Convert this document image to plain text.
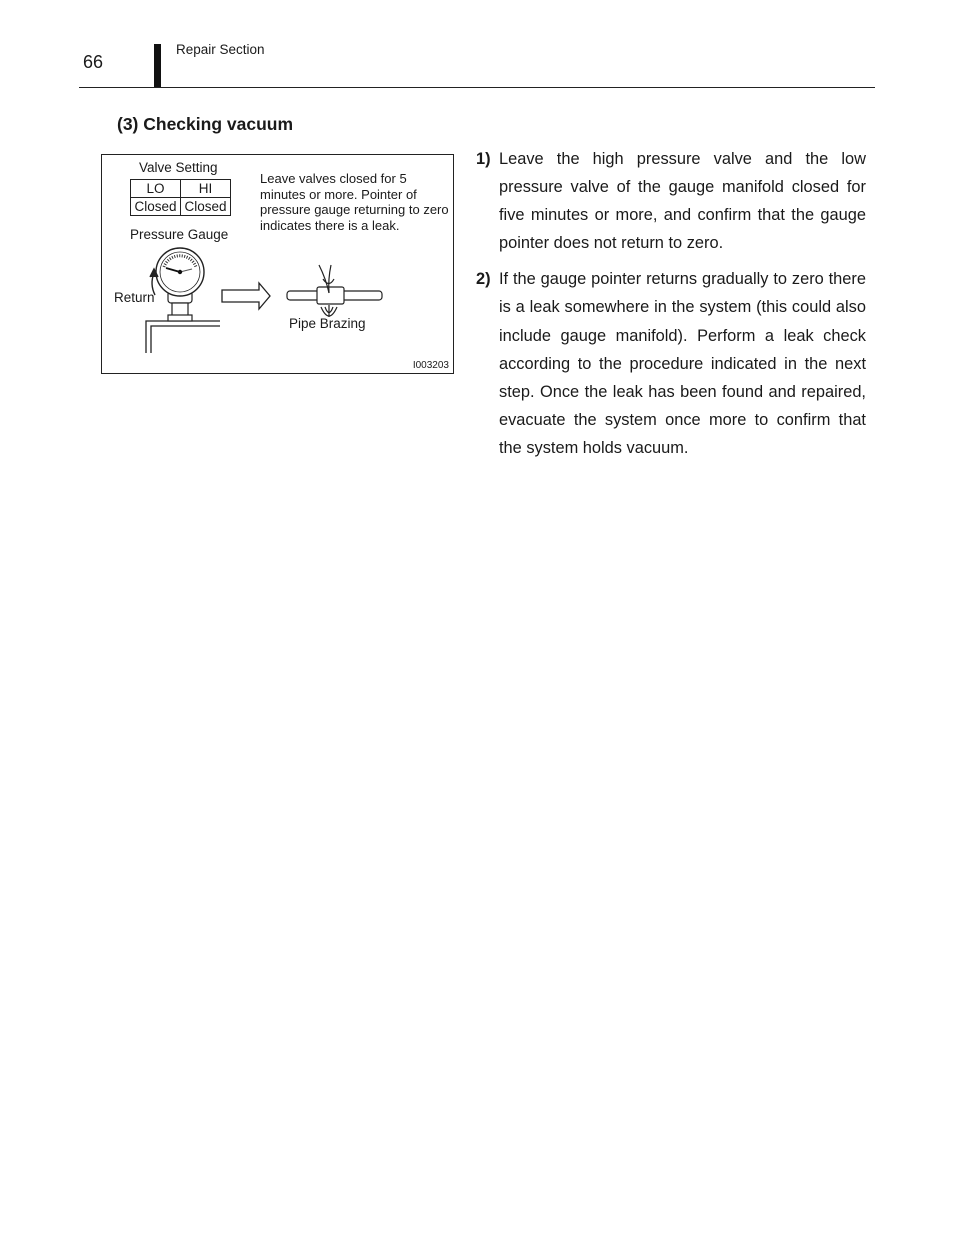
66
Repair Section
(3) Checking vacuum
Valve Setting
LO	HI
Closed	Closed
Leave valves closed for 5 minutes or more. Pointer of pressure gauge returning to zero indicates there is a leak.
Pressure Gauge
Return
Pipe Brazing
I003203
1) Leave the high pressure valve and the low pressure valve of the gauge manifold closed for five minutes or more, and confirm that the gauge pointer does not return to zero.
2) If the gauge pointer returns gradually to zero there is a leak somewhere in the system (this could also include gauge manifold). Perform a leak check according to the procedure indicated in the next step. Once the leak has been found and repaired, evacuate the system once more to confirm that the system holds vacuum.
